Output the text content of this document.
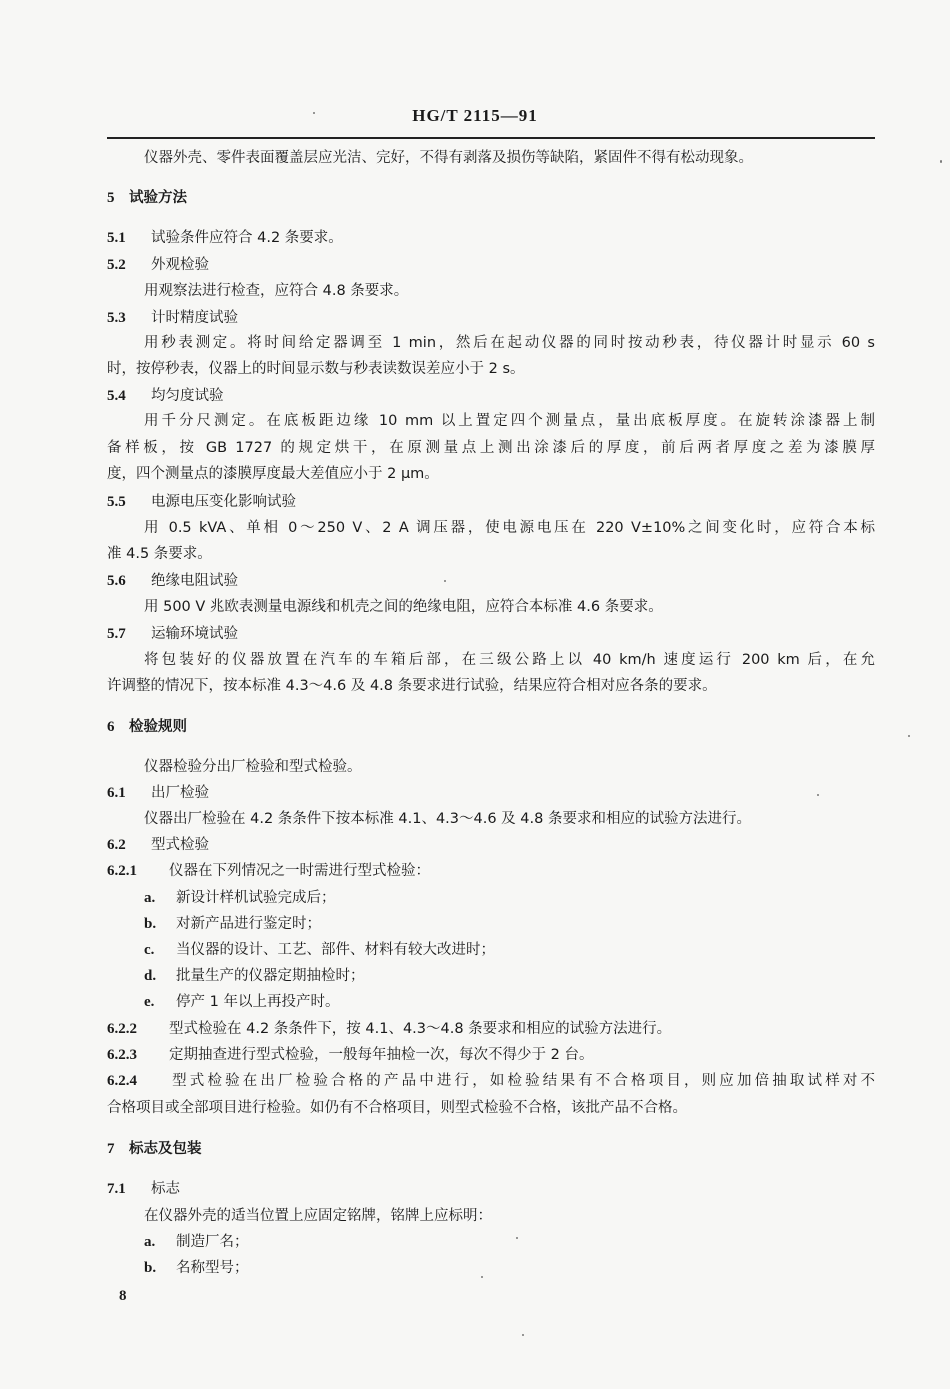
HG/T 2115—91
仪器外壳、零件表面覆盖层应光洁、完好，不得有剥落及损伤等缺陷，紧固件不得有松动现象。
5 试验方法
5.1 试验条件应符合 4.2 条要求。
5.2 外观检验
用观察法进行检查，应符合 4.8 条要求。
5.3 计时精度试验
用秒表测定。将时间给定器调至 1 min，然后在起动仪器的同时按动秒表，待仪器计时显示 60 s
时，按停秒表，仪器上的时间显示数与秒表读数误差应小于 2 s。
5.4 均匀度试验
用千分尺测定。在底板距边缘 10 mm 以上置定四个测量点，量出底板厚度。在旋转涂漆器上制
备样板，按 GB 1727 的规定烘干，在原测量点上测出涂漆后的厚度，前后两者厚度之差为漆膜厚
度，四个测量点的漆膜厚度最大差值应小于 2 μm。
5.5 电源电压变化影响试验
用 0.5 kVA、单相 0～250 V、2 A 调压器，使电源电压在 220 V±10%之间变化时，应符合本标
准 4.5 条要求。
5.6 绝缘电阻试验
用 500 V 兆欧表测量电源线和机壳之间的绝缘电阻，应符合本标准 4.6 条要求。
5.7 运输环境试验
将包装好的仪器放置在汽车的车箱后部，在三级公路上以 40 km/h 速度运行 200 km 后，在允
许调整的情况下，按本标准 4.3～4.6 及 4.8 条要求进行试验，结果应符合相对应各条的要求。
6 检验规则
仪器检验分出厂检验和型式检验。
6.1 出厂检验
仪器出厂检验在 4.2 条条件下按本标准 4.1、4.3～4.6 及 4.8 条要求和相应的试验方法进行。
6.2 型式检验
6.2.1 仪器在下列情况之一时需进行型式检验：
a. 新设计样机试验完成后；
b. 对新产品进行鉴定时；
c. 当仪器的设计、工艺、部件、材料有较大改进时；
d. 批量生产的仪器定期抽检时；
e. 停产 1 年以上再投产时。
6.2.2 型式检验在 4.2 条条件下，按 4.1、4.3～4.8 条要求和相应的试验方法进行。
6.2.3 定期抽查进行型式检验，一般每年抽检一次，每次不得少于 2 台。
6.2.4 型式检验在出厂检验合格的产品中进行，如检验结果有不合格项目，则应加倍抽取试样对不
合格项目或全部项目进行检验。如仍有不合格项目，则型式检验不合格，该批产品不合格。
7 标志及包装
7.1 标志
在仪器外壳的适当位置上应固定铭牌，铭牌上应标明：
a. 制造厂名；
b. 名称型号；
8
